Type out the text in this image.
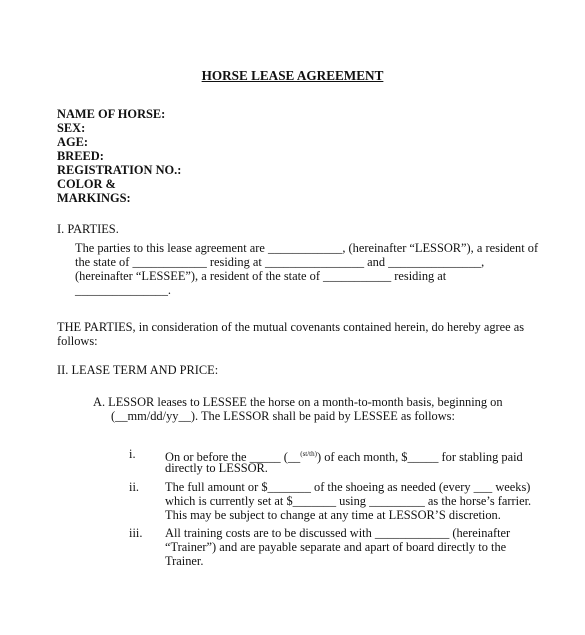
HORSE LEASE AGREEMENT
NAME OF HORSE:
SEX:
AGE:
BREED:
REGISTRATION NO.:
COLOR &
MARKINGS:
I. PARTIES.
The parties to this lease agreement are ____________, (hereinafter “LESSOR”), a resident of
the state of ____________ residing at ________________ and _______________,
(hereinafter “LESSEE”), a resident of the state of ___________ residing at
_______________.
THE PARTIES, in consideration of the mutual covenants contained herein, do hereby agree as
follows:
II. LEASE TERM AND PRICE:
A. LESSOR leases to LESSEE the horse on a month-to-month basis, beginning on
(__mm/dd/yy__). The LESSOR shall be paid by LESSEE as follows:
i. On or before the _____ (__$^{(st/th)}$) of each month, $_____ for stabling paid
directly to LESSOR.
ii. The full amount or $_______ of the shoeing as needed (every ___ weeks)
which is currently set at $_______ using _________ as the horse’s farrier.
This may be subject to change at any time at LESSOR’S discretion.
iii. All training costs are to be discussed with ____________ (hereinafter
“Trainer”) and are payable separate and apart of board directly to the
Trainer.
